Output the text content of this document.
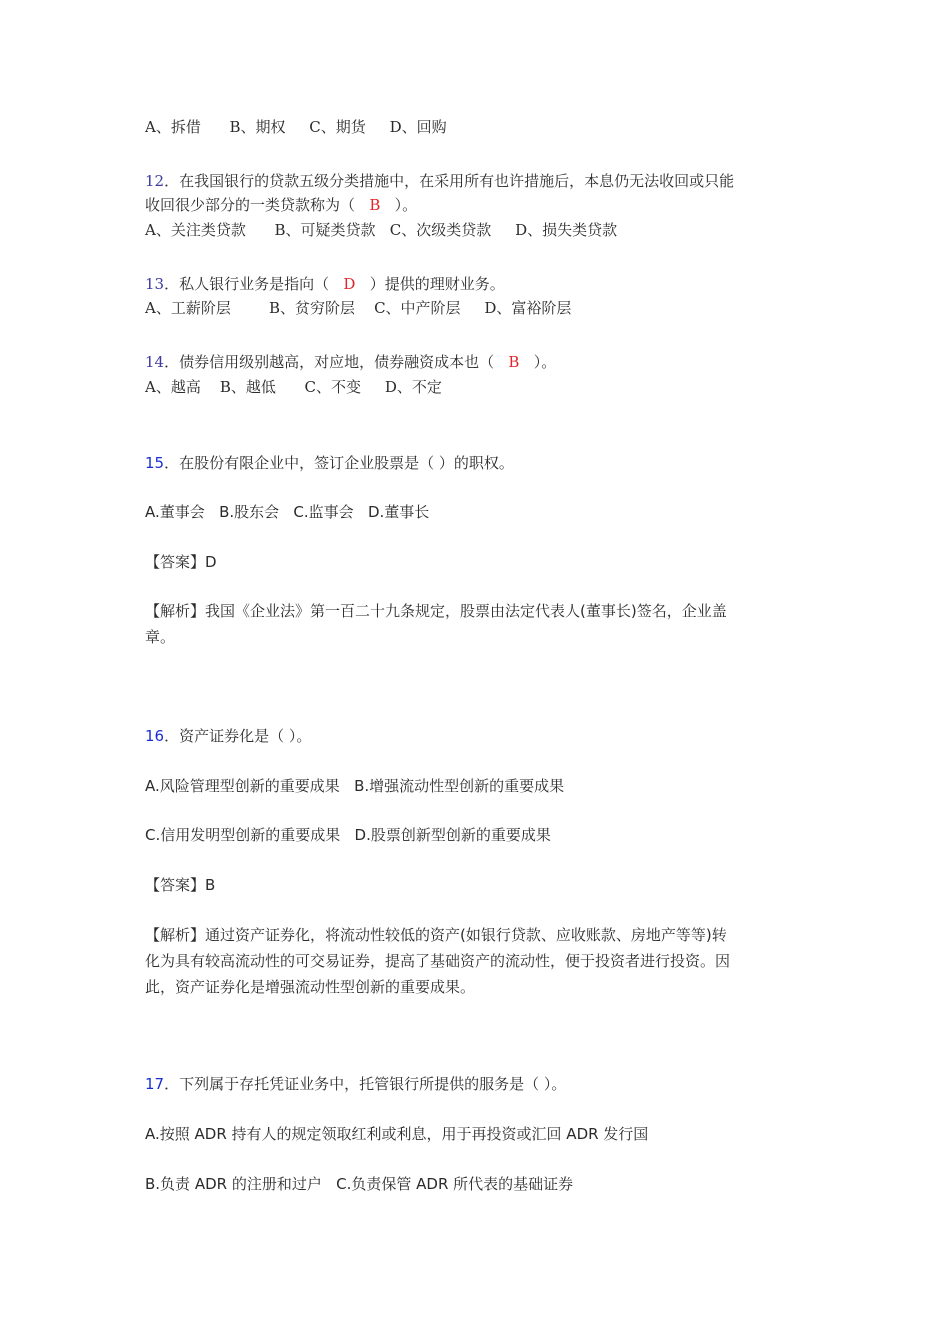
A、拆借      B、期权     C、期货     D、回购
12．在我国银行的贷款五级分类措施中，在采用所有也许措施后，本息仍无法收回或只能
收回很少部分的一类贷款称为（   B   ）。
A、关注类贷款      B、可疑类贷款   C、次级类贷款     D、损失类贷款
13．私人银行业务是指向（   D   ）提供的理财业务。
A、工薪阶层        B、贫穷阶层    C、中产阶层     D、富裕阶层
14．债券信用级别越高，对应地，债券融资成本也（   B   ）。
A、越高    B、越低      C、不变     D、不定
15．在股份有限企业中，签订企业股票是（ ）的职权。
A.董事会   B.股东会   C.监事会   D.董事长
【答案】D
【解析】我国《企业法》第一百二十九条规定，股票由法定代表人(董事长)签名，企业盖
章。
16．资产证券化是（ ）。
A.风险管理型创新的重要成果   B.增强流动性型创新的重要成果
C.信用发明型创新的重要成果   D.股票创新型创新的重要成果
【答案】B
【解析】通过资产证券化，将流动性较低的资产(如银行贷款、应收账款、房地产等等)转
化为具有较高流动性的可交易证券，提高了基础资产的流动性，便于投资者进行投资。因
此，资产证券化是增强流动性型创新的重要成果。
17．下列属于存托凭证业务中，托管银行所提供的服务是（ ）。
A.按照 ADR 持有人的规定领取红利或利息，用于再投资或汇回 ADR 发行国
B.负责 ADR 的注册和过户   C.负责保管 ADR 所代表的基础证券
